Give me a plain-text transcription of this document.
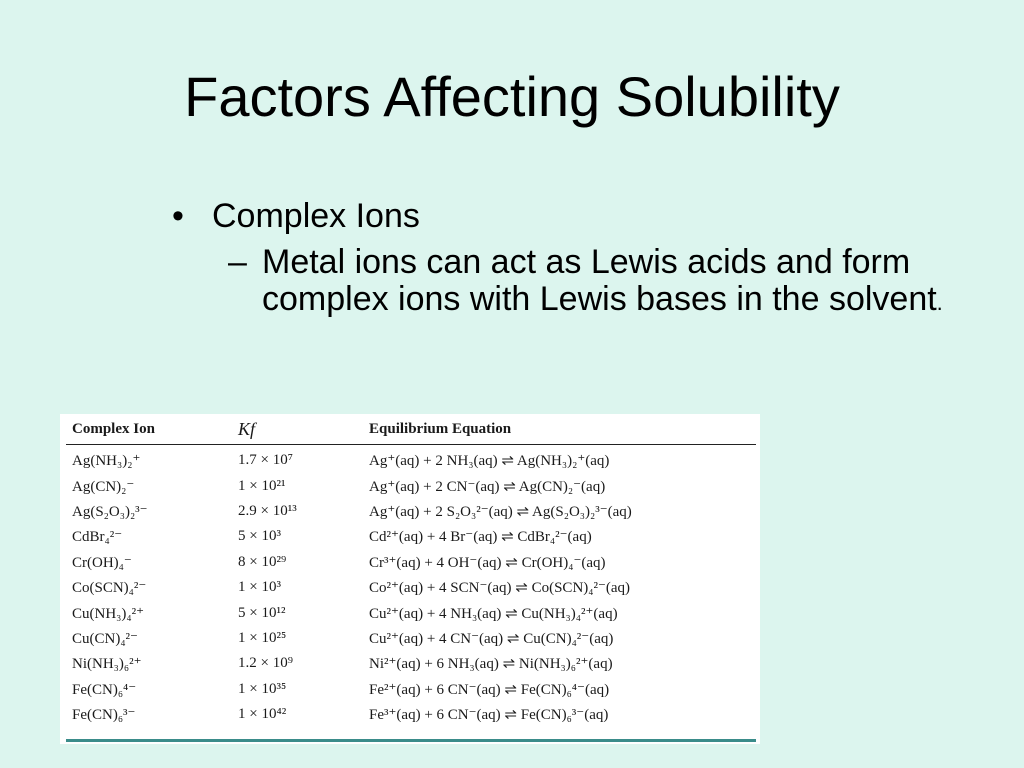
Factors Affecting Solubility
• Complex Ions
– Metal ions can act as Lewis acids and form complex ions with Lewis bases in the solvent.
Complex Ion	Kf	Equilibrium Equation
Ag(NH₃)₂⁺	1.7 × 10⁷	Ag⁺(aq) + 2 NH₃(aq) ⇌ Ag(NH₃)₂⁺(aq)
Ag(CN)₂⁻	1 × 10²¹	Ag⁺(aq) + 2 CN⁻(aq) ⇌ Ag(CN)₂⁻(aq)
Ag(S₂O₃)₂³⁻	2.9 × 10¹³	Ag⁺(aq) + 2 S₂O₃²⁻(aq) ⇌ Ag(S₂O₃)₂³⁻(aq)
CdBr₄²⁻	5 × 10³	Cd²⁺(aq) + 4 Br⁻(aq) ⇌ CdBr₄²⁻(aq)
Cr(OH)₄⁻	8 × 10²⁹	Cr³⁺(aq) + 4 OH⁻(aq) ⇌ Cr(OH)₄⁻(aq)
Co(SCN)₄²⁻	1 × 10³	Co²⁺(aq) + 4 SCN⁻(aq) ⇌ Co(SCN)₄²⁻(aq)
Cu(NH₃)₄²⁺	5 × 10¹²	Cu²⁺(aq) + 4 NH₃(aq) ⇌ Cu(NH₃)₄²⁺(aq)
Cu(CN)₄²⁻	1 × 10²⁵	Cu²⁺(aq) + 4 CN⁻(aq) ⇌ Cu(CN)₄²⁻(aq)
Ni(NH₃)₆²⁺	1.2 × 10⁹	Ni²⁺(aq) + 6 NH₃(aq) ⇌ Ni(NH₃)₆²⁺(aq)
Fe(CN)₆⁴⁻	1 × 10³⁵	Fe²⁺(aq) + 6 CN⁻(aq) ⇌ Fe(CN)₆⁴⁻(aq)
Fe(CN)₆³⁻	1 × 10⁴²	Fe³⁺(aq) + 6 CN⁻(aq) ⇌ Fe(CN)₆³⁻(aq)
